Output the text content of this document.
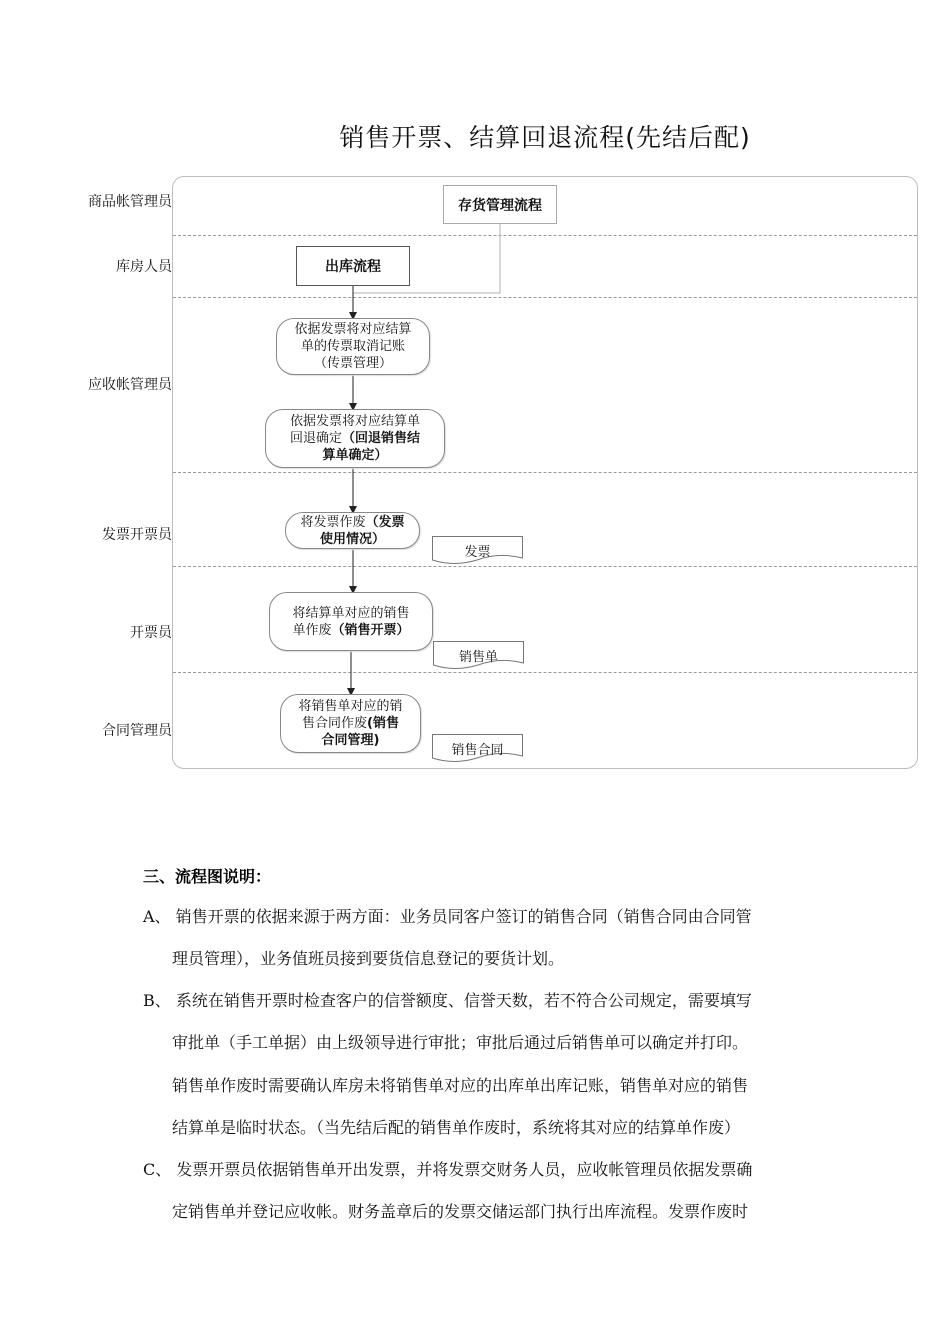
销售开票、结算回退流程(先结后配)
商品帐管理员
库房人员
应收帐管理员
发票开票员
开票员
合同管理员
存货管理流程
出库流程
依据发票将对应结算
单的传票取消记账
（传票管理）
依据发票将对应结算单
回退确定（回退销售结
算单确定）
将发票作废（发票
使用情况）
将结算单对应的销售
单作废（销售开票）
将销售单对应的销
售合同作废(销售
合同管理)
发票
销售单
销售合同
三、流程图说明：
A、 销售开票的依据来源于两方面：业务员同客户签订的销售合同（销售合同由合同管
理员管理），业务值班员接到要货信息登记的要货计划。
B、 系统在销售开票时检查客户的信誉额度、信誉天数，若不符合公司规定，需要填写
审批单（手工单据）由上级领导进行审批；审批后通过后销售单可以确定并打印。
销售单作废时需要确认库房未将销售单对应的出库单出库记账，销售单对应的销售
结算单是临时状态。（当先结后配的销售单作废时，系统将其对应的结算单作废）
C、 发票开票员依据销售单开出发票，并将发票交财务人员，应收帐管理员依据发票确
定销售单并登记应收帐。财务盖章后的发票交储运部门执行出库流程。发票作废时
